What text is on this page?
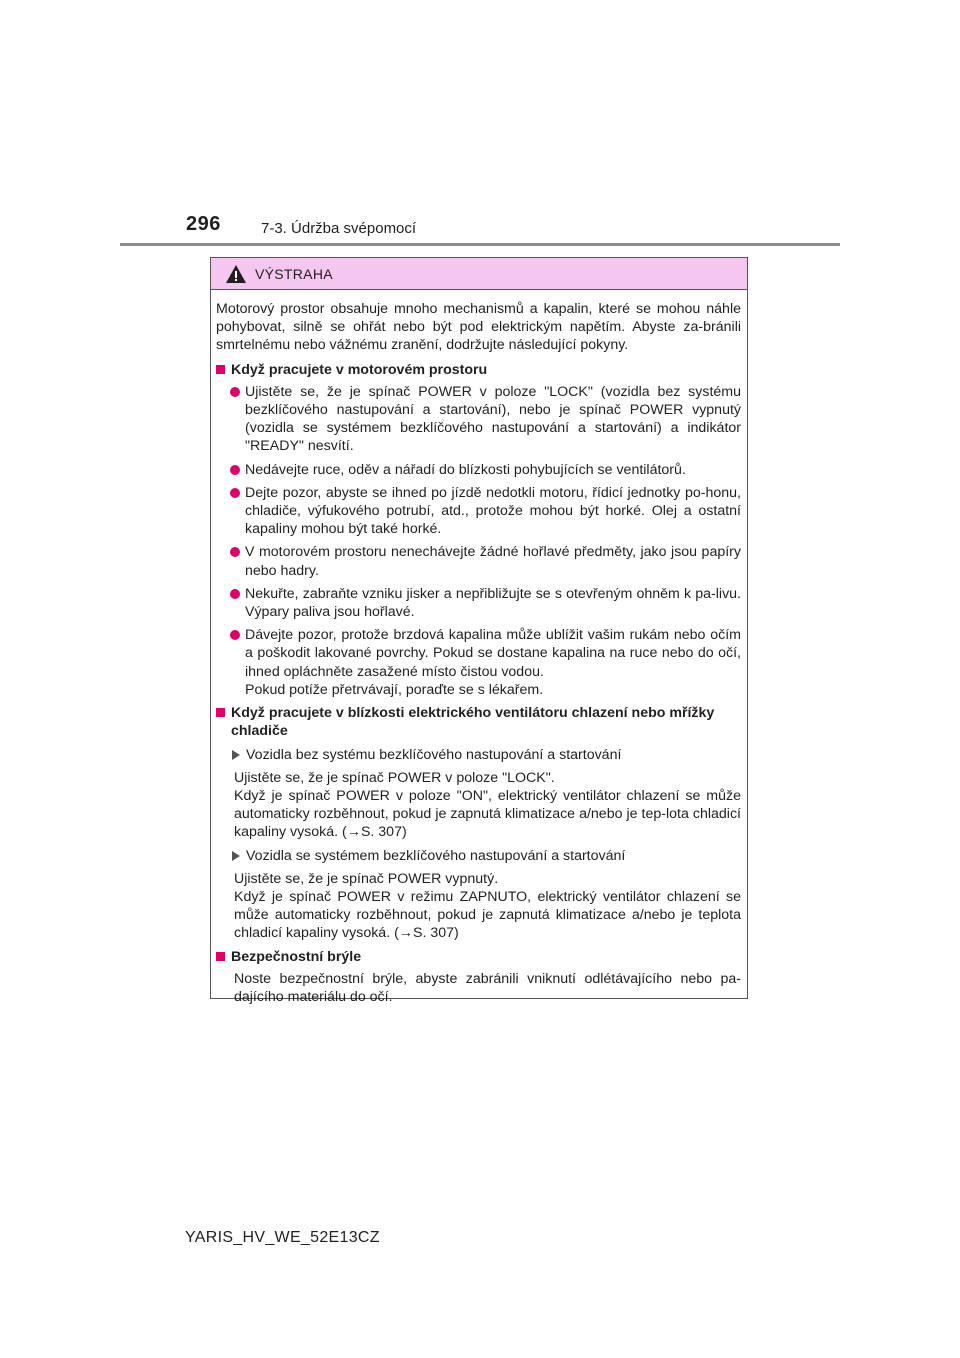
296	7-3. Údržba svépomocí
VÝSTRAHA

Motorový prostor obsahuje mnoho mechanismů a kapalin, které se mohou náhle pohybovat, silně se ohřát nebo být pod elektrickým napětím. Abyste za-bránili smrtelnému nebo vážnému zranění, dodržujte následující pokyny.

Když pracujete v motorovém prostoru
Ujistěte se, že je spínač POWER v poloze "LOCK" (vozidla bez systému bezklíčového nastupování a startování), nebo je spínač POWER vypnutý (vozidla se systémem bezklíčového nastupování a startování) a indikátor "READY" nesvítí.
Nedávejte ruce, oděv a nářadí do blízkosti pohybujících se ventilátorů.
Dejte pozor, abyste se ihned po jízdě nedotkli motoru, řídicí jednotky po-honu, chladiče, výfukového potrubí, atd., protože mohou být horké. Olej a ostatní kapaliny mohou být také horké.
V motorovém prostoru nenechávejte žádné hořlavé předměty, jako jsou papíry nebo hadry.
Nekuřte, zabraňte vzniku jisker a nepřibližujte se s otevřeným ohněm k pa-livu. Výpary paliva jsou hořlavé.
Dávejte pozor, protože brzdová kapalina může ublížit vašim rukám nebo očím a poškodit lakované povrchy. Pokud se dostane kapalina na ruce nebo do očí, ihned opláchněte zasažené místo čistou vodou.
Pokud potíže přetrvávají, poraďte se s lékařem.
Když pracujete v blízkosti elektrického ventilátoru chlazení nebo mřížky chladiče
Vozidla bez systému bezklíčového nastupování a startování

Ujistěte se, že je spínač POWER v poloze "LOCK".
Když je spínač POWER v poloze "ON", elektrický ventilátor chlazení se může automaticky rozběhnout, pokud je zapnutá klimatizace a/nebo je tep-lota chladicí kapaliny vysoká. (→S. 307)

Vozidla se systémem bezklíčového nastupování a startování

Ujistěte se, že je spínač POWER vypnutý.
Když je spínač POWER v režimu ZAPNUTO, elektrický ventilátor chlazení se může automaticky rozběhnout, pokud je zapnutá klimatizace a/nebo je teplota chladicí kapaliny vysoká. (→S. 307)

Bezpečnostní brýle

Noste bezpečnostní brýle, abyste zabránili vniknutí odlétávajícího nebo pa-dajícího materiálu do očí.

YARIS_HV_WE_52E13CZ
